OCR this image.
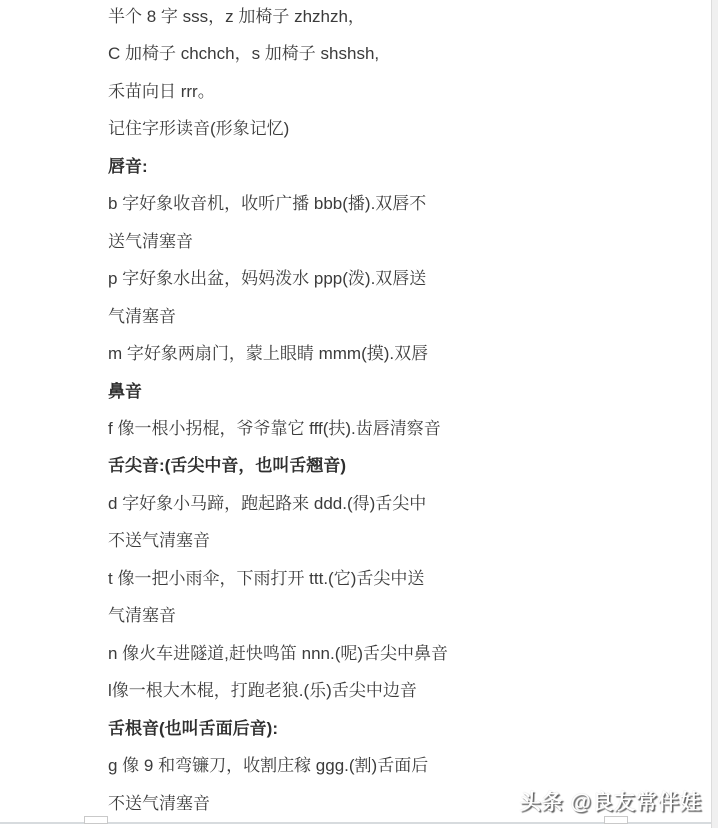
半个 8 字 sss，z 加椅子 zhzhzh，

C 加椅子 chchch，s 加椅子 shshsh,

禾苗向日 rrr。

记住字形读音(形象记忆)

唇音:

b 字好象收音机，收听广播 bbb(播).双唇不

送气清塞音

p 字好象水出盆，妈妈泼水 ppp(泼).双唇送

气清塞音

m 字好象两扇门，蒙上眼睛 mmm(摸).双唇

鼻音

f 像一根小拐棍，爷爷靠它 fff(扶).齿唇清察音

舌尖音:(舌尖中音，也叫舌翘音)

d 字好象小马蹄，跑起路来 ddd.(得)舌尖中

不送气清塞音

t 像一把小雨伞，下雨打开 ttt.(它)舌尖中送

气清塞音

n 像火车进隧道,赶快鸣笛 nnn.(呢)舌尖中鼻音

l像一根大木棍，打跑老狼.(乐)舌尖中边音

舌根音(也叫舌面后音):

g 像 9 和弯镰刀，收割庄稼 ggg.(割)舌面后

不送气清塞音	头条 @良友常伴娃
